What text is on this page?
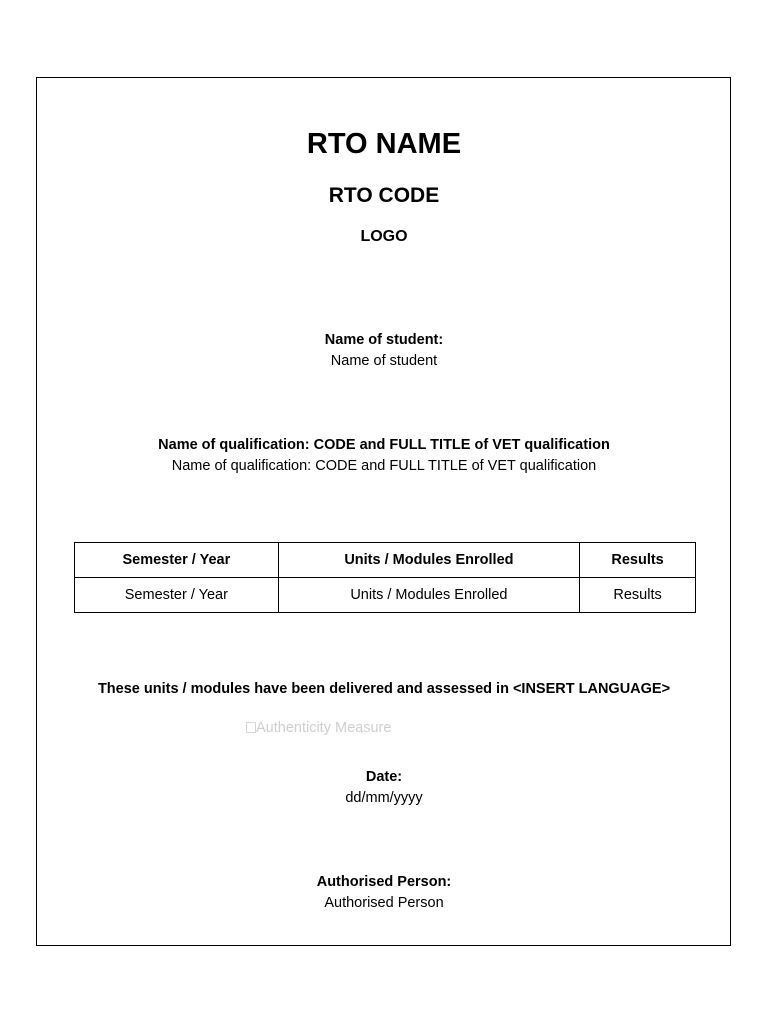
RTO NAME
RTO CODE
LOGO
Name of student:
Name of student
Name of qualification: CODE and FULL TITLE of VET qualification
Name of qualification: CODE and FULL TITLE of VET qualification
Semester / Year	Units / Modules Enrolled	Results
Semester / Year	Units / Modules Enrolled	Results
These units / modules have been delivered and assessed in <INSERT LANGUAGE>
Authenticity Measure
Date:
dd/mm/yyyy
Authorised Person:
Authorised Person
